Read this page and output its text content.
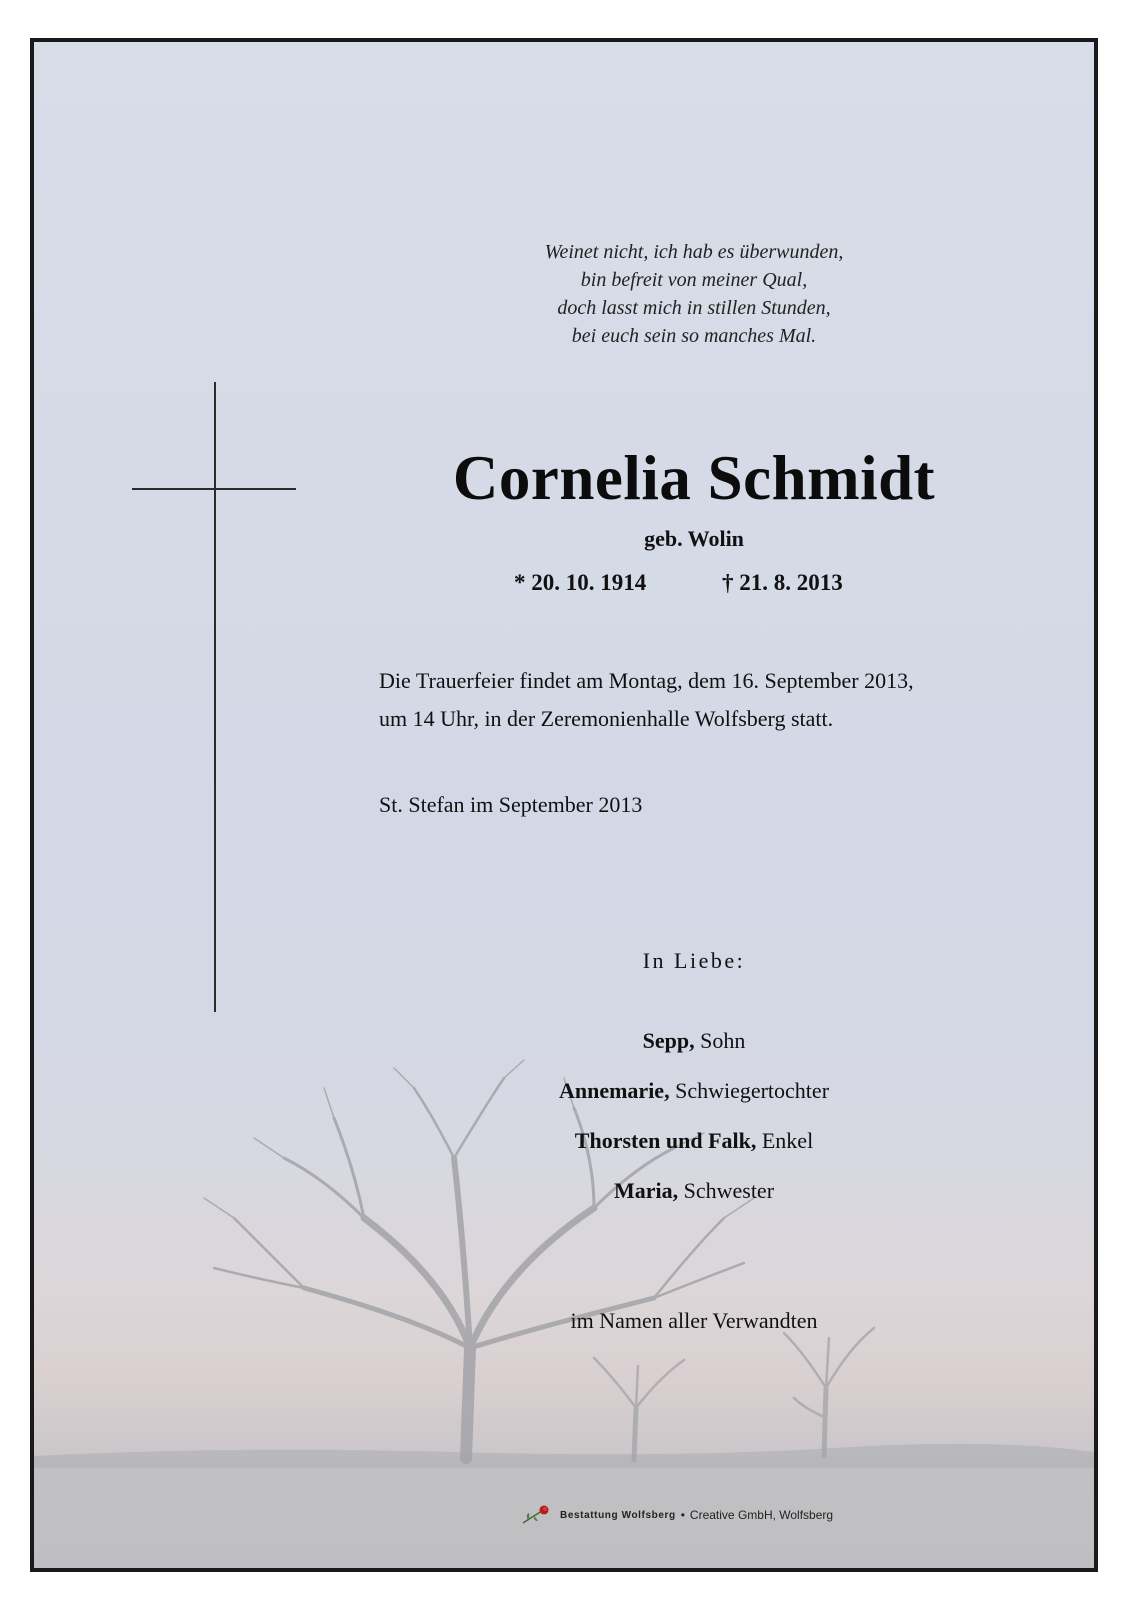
Weinet nicht, ich hab es überwunden,
bin befreit von meiner Qual,
doch lasst mich in stillen Stunden,
bei euch sein so manches Mal.
Cornelia Schmidt
geb. Wolin
* 20. 10. 1914	† 21. 8. 2013
Die Trauerfeier findet am Montag, dem 16. September 2013,
um 14 Uhr, in der Zeremonienhalle Wolfsberg statt.
St. Stefan im September 2013
In Liebe:
Sepp, Sohn
Annemarie, Schwiegertochter
Thorsten und Falk, Enkel
Maria, Schwester
im Namen aller Verwandten
Bestattung Wolfsberg • Creative GmbH, Wolfsberg
